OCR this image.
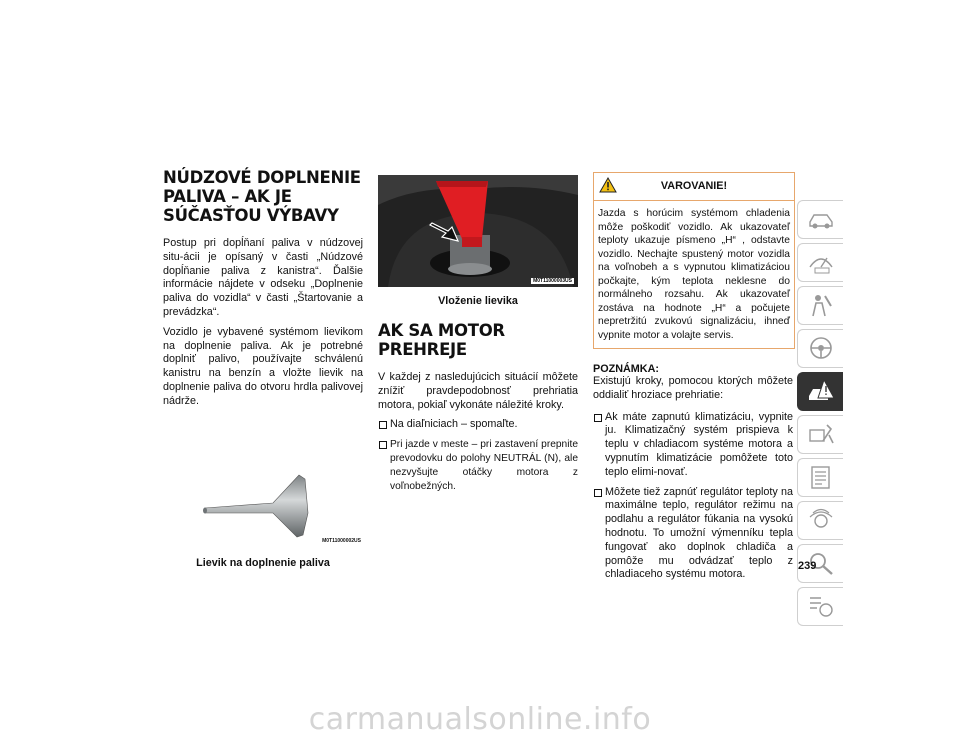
NÚDZOVÉ DOPLNENIE PALIVA – AK JE SÚČASŤOU VÝBAVY

Postup pri dopĺňaní paliva v núdzovej situ-ácii je opísaný v časti „Núdzové dopĺňanie paliva z kanistra“. Ďalšie informácie nájdete v odseku „Doplnenie paliva do vozidla“ v časti „Štartovanie a prevádzka“.

Vozidlo je vybavené systémom lievikom na doplnenie paliva. Ak je potrebné doplniť palivo, používajte schválenú kanistru na benzín a vložte lievik na doplnenie paliva do otvoru hrdla palivovej nádrže.

M0T11000002US
Lievik na doplnenie paliva
M0T11000003US
Vloženie lievika
AK SA MOTOR PREHREJE

V každej z nasledujúcich situácií môžete znížiť pravdepodobnosť prehriatia motora, pokiaľ vykonáte náležité kroky.

Na diaľniciach – spomaľte.
Pri jazde v meste – pri zastavení prepnite prevodovku do polohy NEUTRÁL (N), ale nezvyšujte otáčky motora z voľnobežných.
VAROVANIE!
Jazda s horúcim systémom chladenia môže poškodiť vozidlo. Ak ukazovateľ teploty ukazuje písmeno „H“ , odstavte vozidlo. Nechajte spustený motor vozidla na voľnobeh a s vypnutou klimatizáciou počkajte, kým teplota neklesne do normálneho rozsahu. Ak ukazovateľ zostáva na hodnote „H“ a počujete nepretržitú zvukovú signalizáciu, ihneď vypnite motor a volajte servis.
POZNÁMKA:

Existujú kroky, pomocou ktorých môžete oddialiť hroziace prehriatie:

Ak máte zapnutú klimatizáciu, vypnite ju. Klimatizačný systém prispieva k teplu v chladiacom systéme motora a vypnutím klimatizácie pomôžete toto teplo elimi-novať.
Môžete tiež zapnúť regulátor teploty na maximálne teplo, regulátor režimu na podlahu a regulátor fúkania na vysokú hodnotu. To umožní výmenníku tepla fungovať ako doplnok chladiča a pomôže mu odvádzať teplo z chladiaceho systému motora.
239
carmanualsonline.info
